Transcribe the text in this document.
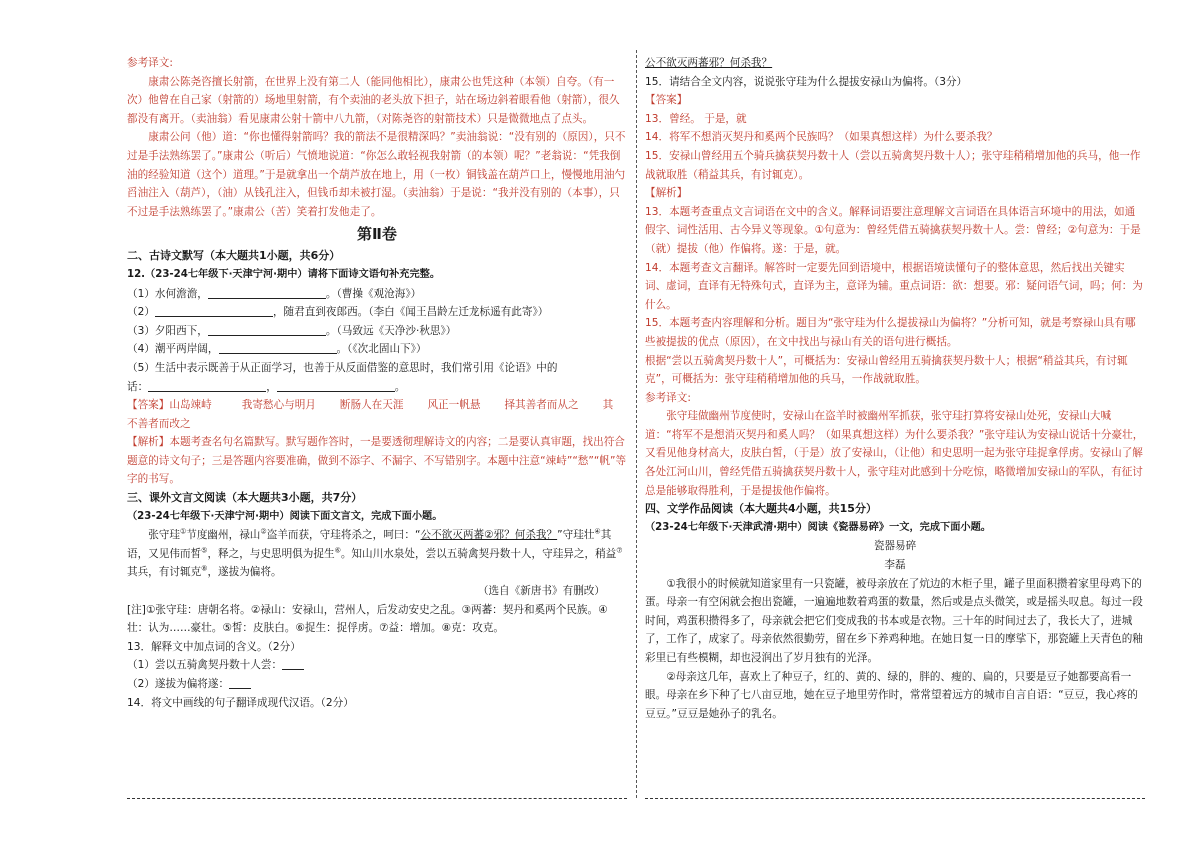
参考译文:

康肃公陈尧咨擅长射箭，在世界上没有第二人（能同他相比），康肃公也凭这种（本领）自夸。（有一次）他曾在自己家（射箭的）场地里射箭，有个卖油的老头放下担子，站在场边斜着眼看他（射箭），很久都没有离开。（卖油翁）看见康肃公射十箭中八九箭，（对陈尧咨的射箭技术）只是微微地点了点头。

康肃公问（他）道：“你也懂得射箭吗？我的箭法不是很精深吗？”卖油翁说：“没有别的（原因），只不过是手法熟练罢了。”康肃公（听后）气愤地说道：“你怎么敢轻视我射箭（的本领）呢？”老翁说：“凭我倒油的经验知道（这个）道理。”于是就拿出一个葫芦放在地上，用（一枚）铜钱盖在葫芦口上，慢慢地用油勺舀油注入（葫芦），（油）从钱孔注入，但钱币却未被打湿。（卖油翁）于是说：“我并没有别的（本事），只不过是手法熟练罢了。”康肃公（苦）笑着打发他走了。

第Ⅱ卷

二、古诗文默写（本大题共1小题，共6分）

12.（23-24七年级下·天津宁河·期中）请将下面诗文语句补充完整。

（1）水何澹澹，	。（曹操《观沧海》）

（2）	，随君直到夜郎西。（李白《闻王昌龄左迁龙标遥有此寄》）

（3）夕阳西下，	。（马致远《天净沙·秋思》）

（4）潮平两岸阔，	。（《次北固山下》）

（5）生活中表示既善于从正面学习，也善于从反面借鉴的意思时，我们常引用《论语》中的

话：	，	。

【答案】山岛竦峙	我寄愁心与明月 断肠人在天涯 风正一帆悬 择其善者而从之 其

不善者而改之

【解析】本题考查名句名篇默写。默写题作答时，一是要透彻理解诗文的内容；二是要认真审题，找出符合题意的诗文句子；三是答题内容要准确，做到不添字、不漏字、不写错别字。本题中注意“竦峙”“愁”“帆”等字的书写。

三、课外文言文阅读（本大题共3小题，共7分）

（23-24七年级下·天津宁河·期中）阅读下面文言文，完成下面小题。

张守珪①节度幽州，禄山②盗羊而获，守珪将杀之，呵曰：“公不欲灭两蕃②邪？何杀我？”守珪壮④其语，又见伟而皙⑤，释之，与史思明俱为捉生⑥。知山川水泉处，尝以五骑禽契丹数十人，守珪异之，稍益⑦其兵，有讨辄克⑧，遂拔为偏将。

（选自《新唐书》有删改）

[注]①张守珪：唐朝名将。②禄山：安禄山，营州人，后发动安史之乱。③两蕃：契丹和奚两个民族。④壮：认为……豪壮。⑤皙：皮肤白。⑥捉生：捉俘虏。⑦益：增加。⑧克：攻克。

13．解释文中加点词的含义。（2分）

（1）尝以五骑禽契丹数十人尝：

（2）遂拔为偏将遂：

14．将文中画线的句子翻译成现代汉语。（2分）

公不欲灭两蕃邪？何杀我？

15．请结合全文内容，说说张守珪为什么提拔安禄山为偏将。（3分）

【答案】

13．曾经。 于是，就

14．将军不想消灭契丹和奚两个民族吗？（如果真想这样）为什么要杀我？

15．安禄山曾经用五个骑兵擒获契丹数十人（尝以五骑禽契丹数十人）；张守珪稍稍增加他的兵马，他一作战就取胜（稍益其兵，有讨辄克）。

【解析】

13．本题考查重点文言词语在文中的含义。解释词语要注意理解文言词语在具体语言环境中的用法，如通假字、词性活用、古今异义等现象。①句意为：曾经凭借五骑擒获契丹数十人。尝：曾经；②句意为：于是（就）提拔（他）作偏将。遂：于是，就。

14．本题考查文言翻译。解答时一定要先回到语境中，根据语境读懂句子的整体意思，然后找出关键实词、虚词，直译有无特殊句式，直译为主，意译为辅。重点词语：欲：想要。邪：疑问语气词，吗；何：为什么。

15．本题考查内容理解和分析。题目为“张守珪为什么提拔禄山为偏将？”分析可知，就是考察禄山具有哪些被提拔的优点（原因），在文中找出与禄山有关的语句进行概括。

根据“尝以五骑禽契丹数十人”，可概括为：安禄山曾经用五骑擒获契丹数十人；根据“稍益其兵，有讨辄克”，可概括为：张守珪稍稍增加他的兵马，一作战就取胜。

参考译文:

张守珪做幽州节度使时，安禄山在盗羊时被幽州军抓获，张守珪打算将安禄山处死，安禄山大喊道：“将军不是想消灭契丹和奚人吗？（如果真想这样）为什么要杀我？”张守珪认为安禄山说话十分豪壮，又看见他身材高大，皮肤白皙，（于是）放了安禄山，（让他）和史思明一起为张守珪捉拿俘虏。安禄山了解各处江河山川，曾经凭借五骑擒获契丹数十人，张守珪对此感到十分吃惊，略微增加安禄山的军队，有征讨总是能够取得胜利，于是提拔他作偏将。

四、文学作品阅读（本大题共4小题，共15分）

（23-24七年级下·天津武清·期中）阅读《瓷器易碎》一文，完成下面小题。

瓷器易碎

李磊

①我很小的时候就知道家里有一只瓷罐，被母亲放在了炕边的木柜子里，罐子里面积攒着家里母鸡下的蛋。母亲一有空闲就会抱出瓷罐，一遍遍地数着鸡蛋的数量，然后或是点头微笑，或是摇头叹息。每过一段时间，鸡蛋积攒得多了，母亲就会把它们变成我的书本或是衣物。三十年的时间过去了，我长大了，进城了，工作了，成家了。母亲依然很勤劳，留在乡下养鸡种地。在她日复一日的摩挲下，那瓷罐上天青色的釉彩里已有些模糊，却也浸润出了岁月独有的光泽。

②母亲这几年，喜欢上了种豆子，红的、黄的、绿的，胖的、瘦的、扁的，只要是豆子她都要高看一眼。母亲在乡下种了七八亩豆地，她在豆子地里劳作时，常常望着远方的城市自言自语：“豆豆，我心疼的豆豆。”豆豆是她孙子的乳名。
